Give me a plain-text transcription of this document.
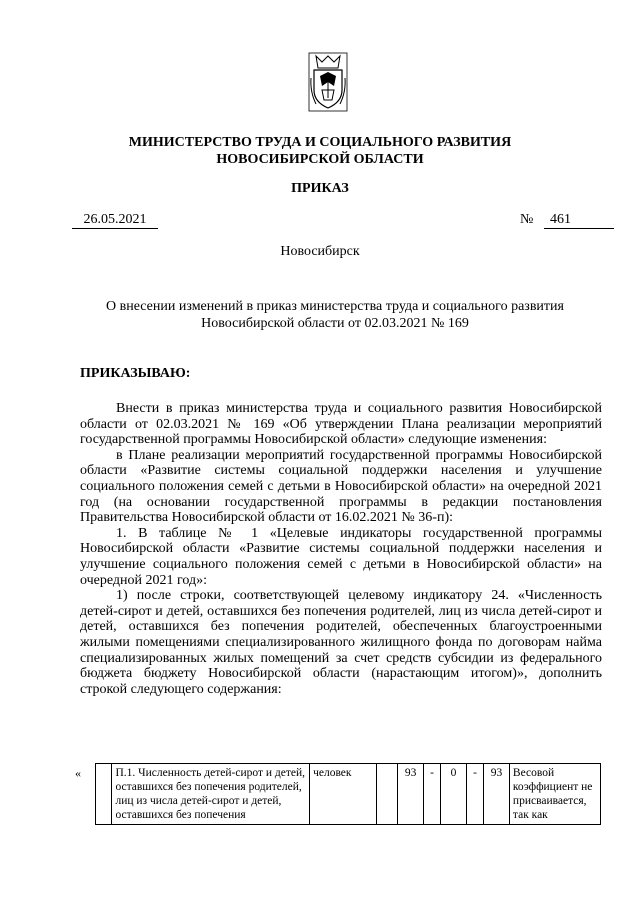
МИНИСТЕРСТВО ТРУДА И СОЦИАЛЬНОГО РАЗВИТИЯ
НОВОСИБИРСКОЙ ОБЛАСТИ
ПРИКАЗ
26.05.2021	№	461
Новосибирск
О внесении изменений в приказ министерства труда и социального развития
Новосибирской области от 02.03.2021 № 169
ПРИКАЗЫВАЮ:

Внести в приказ министерства труда и социального развития Новосибирской области от 02.03.2021 № 169 «Об утверждении Плана реализации мероприятий государственной программы Новосибирской области» следующие изменения:

в Плане реализации мероприятий государственной программы Новосибирской области «Развитие системы социальной поддержки населения и улучшение социального положения семей с детьми в Новосибирской области» на очередной 2021 год (на основании государственной программы в редакции постановления Правительства Новосибирской области от 16.02.2021 № 36-п):

1. В таблице № 1 «Целевые индикаторы государственной программы Новосибирской области «Развитие системы социальной поддержки населения и улучшение социального положения семей с детьми в Новосибирской области» на очередной 2021 год»:

1) после строки, соответствующей целевому индикатору 24. «Численность детей-сирот и детей, оставшихся без попечения родителей, лиц из числа детей-сирот и детей, оставшихся без попечения родителей, обеспеченных благоустроенными жилыми помещениями специализированного жилищного фонда по договорам найма специализированных жилых помещений за счет средств субсидии из федерального бюджета бюджету Новосибирской области (нарастающим итогом)», дополнить строкой следующего содержания:

«		П.1. Численность детей-сирот и детей, оставшихся без попечения родителей, лиц из числа детей-сирот и детей, оставшихся без попечения	человек		93	-	0	-	93	Весовой коэффициент не присваивается, так как
